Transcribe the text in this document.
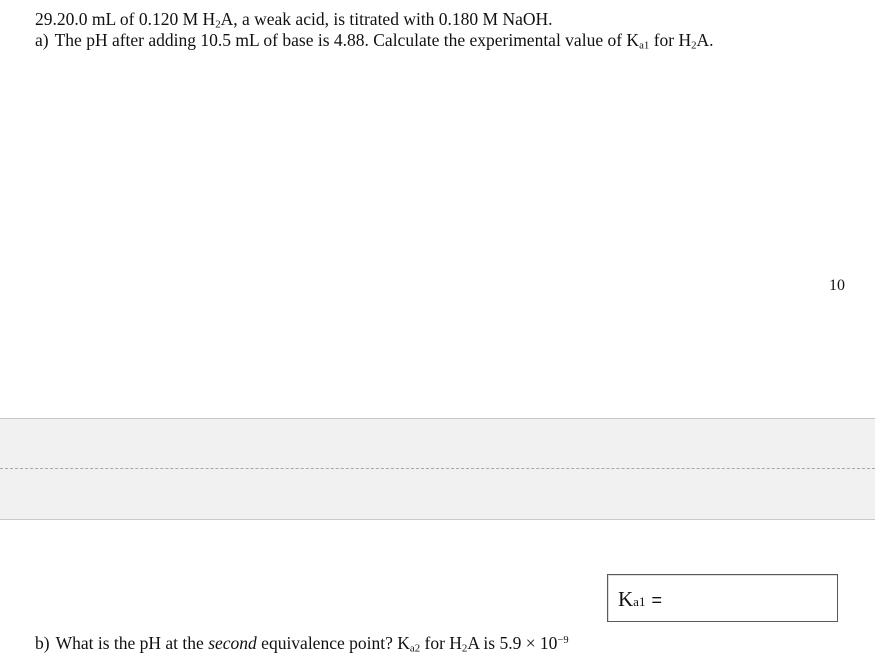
29.20.0 mL of 0.120 M $H_2A$, a weak acid, is titrated with 0.180 M NaOH.
a) The pH after adding 10.5 mL of base is 4.88. Calculate the experimental value of $K_{a1}$ for $H_2A$.
10
Ka1 =
b) What is the pH at the second equivalence point? $K_{a2}$ for $H_2A$ is $5.9 \times 10^{-9}$
